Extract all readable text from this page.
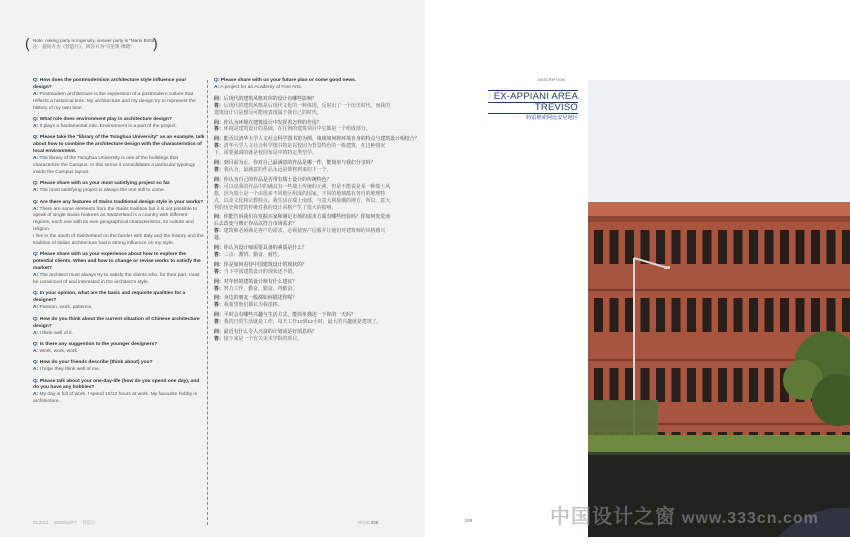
( Note: Asking party is Ingenuity, answer party is "Mario Botta"
注：提问方为《营造行》，回答方为“马里奥·博塔”	)
Q: How does the postmodernism architecture style influence your design?
A: Postmodern architecture is the expression of a postmodern culture that reflects a historical time. My architecture and my design try to represent the history of my own time.
Q: What role does environment play in architecture design?
A: It plays a fundamental role. Environment is a part of the project.
Q: Please take the "library of the Tsinghua University" as an example, talk about how to combine the architecture design with the characteristics of local environment.
A: The library of the Tsinghua University is one of the buildings that characterize the Campus. In this sense it consolidates a particular typology inside the Campus layout.
Q: Please share with us your most satisfying project so far.
A: The most satisfying project is always the one still to come.
Q: Are there any features of Swiss traditional design style in your works?
A: There are some elements from the Swiss tradition but it is not possible to speak of single Swiss features as Switzerland is a country with different regions, each one with its own geographical characteristics, its culture and religion.
I live in the south of Switzerland on the border with Italy and the history and the tradition of Italian architecture had a strong influence on my style.
Q: Please share with us your experience about how to explore the potential clients. When and how to change or revise works to satisfy the market?
A: The architect must always try to satisfy the clients who, for their part, must be convinced of and interested in the architect's style.
Q: In your opinion, what are the basic and requisite qualities for a designer?
A: Passion, work, patience.
Q: How do you think about the current situation of Chinese architecture design?
A: I think well of it.
Q: Is there any suggestion to the younger designers?
A: Work, work, work.
Q: How do your friends describe (think about) you?
A: I hope they think well of me.
Q: Please talk about your one-day-life (how do you spend one day), and do you have any hobbies?
A: My day is full of work. I spend 10/12 hours at work. My favourite hobby is architecture.
Q: Please share with us your future plan or some good news.
A: A project for an Academy of Fine Arts.
问：后现代的建筑风格对你的设计有哪些影响？
答：后现代的建筑风格是后现代文化的一种体现，反射出了一个历史时代。而我的建筑设计只是想尽可能地表现属于我自己的时代。
问：你认为环境在建筑设计中发挥着怎样的作用？
答：环境是建筑设计的基础，在任何的建筑项目中它都是一个组成部分。
问：能否以清华大学人文社会科学图书馆为例，谈谈如何将环境自身的特点与建筑设计相结合？
答：清华大学人文社会科学图书馆是以校园为背景特色的一栋建筑，在这种情况下，需要强调的就是校园布局中的特定类型学。
问：到目前为止，你对自己最满意的作品是哪一件，能简单与我们分享吗？
答：我认为，最满意的作品永远是即将到来的下一个。
问：你认为自己的作品是否带有瑞士设计的传统特色？
答：可以说我的作品中的确具有一些瑞士传统的元素，但是不能说是某一种瑞士风格，因为瑞士是一个由很多不同地区组成的国家，不同的地域都有各自的地理特点，以及文化和宗教特点。我生活在瑞士南部，与意大利接壤的地方，所以，意大利的历史和建筑传统对我的设计风格产生了很大的影响。
问：你能告诉我们在发掘买家和满足市场的需求方面有哪些经验吗？你如何发觉而后去改变与修正作品以符合市场需求？
答：建筑师必须满足客户的需求，必须使客户信服并让他们对建筑师的风格感兴趣。
问：你认为设计师需要具备的素质是什么？
答：三点：激情、勤奋、耐性。
问：你是如何看待中国建筑设计的现状的？
答：当下中国建筑设计的现状还不错。
问：对年轻的建筑设计师有什么建议？
答：努力工作，勤奋，勤奋，再勤奋。
问：身边的朋友一般都如何描述你呢？
答：我希望他们都认为我很棒。
问：平时会有哪些兴趣与生活方式，能简单描述一下你的一天吗？
答：我的日常生活就是工作，每天工作10到12小时，最大的兴趣就是建筑了。
问：最近有什么令人兴奋的计划或是好消息吗？
答：接下来是一个有关美术学院的项目。
03.2012 INGENUITY 营造行	PAGE 038
DESCRIPTION
EX-APPIANI AREA
TREVISO
特雷维索阿比安尼地区
039	中国设计之窗 www.333cn.com
